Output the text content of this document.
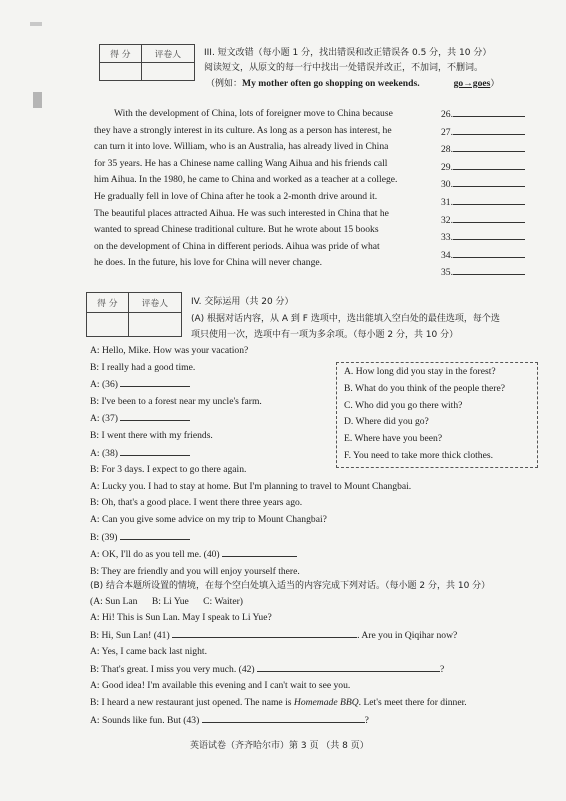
得 分	评卷人
		III. 短文改错（每小题 1 分，找出错误和改正错误各 0.5 分，共 10 分）
阅读短文，从原文的每一行中找出一处错误并改正，不加词，不删词。
（例如：My mother often go shopping on weekends.	go→goes）
With the development of China, lots of foreigner move to China because
they have a strongly interest in its culture. As long as a person has interest, he
can turn it into love. William, who is an Australia, has already lived in China
for 35 years. He has a Chinese name calling Wang Aihua and his friends call
him Aihua. In the 1980, he came to China and worked as a teacher at a college.
He gradually fell in love of China after he took a 2-month drive around it.
The beautiful places attracted Aihua. He was such interested in China that he
wanted to spread Chinese traditional culture. But he wrote about 15 books
on the development of China in different periods. Aihua was pride of what
he does. In the future, his love for China will never change.
26.
27.
28.
29.
30.
31.
32.
33.
34.
35.
得 分	评卷人
		IV. 交际运用（共 20 分）
(A) 根据对话内容，从 A 到 F 选项中，选出能填入空白处的最佳选项，每个选
项只使用一次，选项中有一项为多余项。（每小题 2 分，共 10 分）
A: Hello, Mike. How was your vacation?
B: I really had a good time.
A: (36)
B: I've been to a forest near my uncle's farm.
A: (37)
B: I went there with my friends.
A: (38)
B: For 3 days. I expect to go there again.
A: Lucky you. I had to stay at home. But I'm planning to travel to Mount Changbai.
B: Oh, that's a good place. I went there three years ago.
A: Can you give some advice on my trip to Mount Changbai?
B: (39)
A: OK, I'll do as you tell me. (40)
B: They are friendly and you will enjoy yourself there.
A. How long did you stay in the forest?
B. What do you think of the people there?
C. Who did you go there with?
D. Where did you go?
E. Where have you been?
F. You need to take more thick clothes.
(B) 结合本题所设置的情境，在每个空白处填入适当的内容完成下列对话。（每小题 2 分，共 10 分）
(A: Sun Lan      B: Li Yue      C: Waiter)
A: Hi! This is Sun Lan. May I speak to Li Yue?
B: Hi, Sun Lan! (41)	. Are you in Qiqihar now?
A: Yes, I came back last night.
B: That's great. I miss you very much. (42)	?
A: Good idea! I'm available this evening and I can't wait to see you.
B: I heard a new restaurant just opened. The name is Homemade BBQ. Let's meet there for dinner.
A: Sounds like fun. But (43)	?
英语试卷（齐齐哈尔市）第 3 页 （共 8 页）
